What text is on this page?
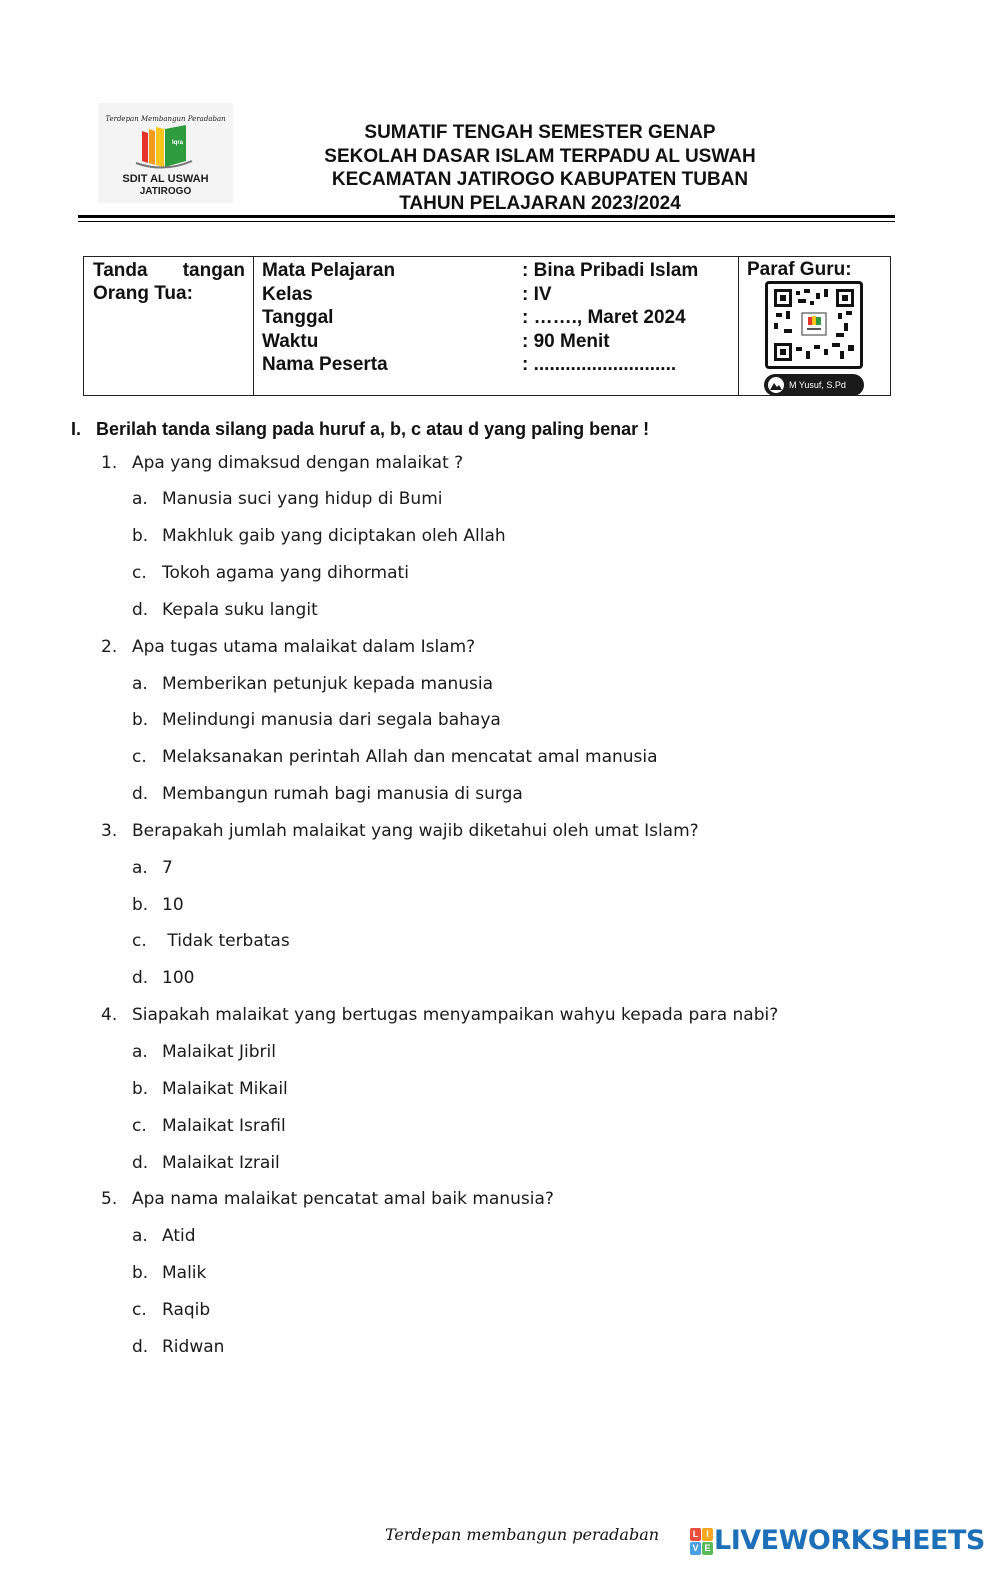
Terdepan Membangun Peradaban
Iqra
SDIT AL USWAH
JATIROGO
SUMATIF TENGAH SEMESTER GENAP
SEKOLAH DASAR ISLAM TERPADU AL USWAH
KECAMATAN JATIROGO KABUPATEN TUBAN
TAHUN PELAJARAN 2023/2024
Tanda tangan
Orang Tua:
Mata Pelajaran
Kelas
Tanggal
Waktu
Nama Peserta
: Bina Pribadi Islam
: IV
: ……., Maret 2024
: 90 Menit
: ...........................
Paraf Guru:
M Yusuf, S.Pd
I. Berilah tanda silang pada huruf a, b, c atau d yang paling benar !
1. Apa yang dimaksud dengan malaikat ?
a. Manusia suci yang hidup di Bumi
b. Makhluk gaib yang diciptakan oleh Allah
c. Tokoh agama yang dihormati
d. Kepala suku langit
2. Apa tugas utama malaikat dalam Islam?
a. Memberikan petunjuk kepada manusia
b. Melindungi manusia dari segala bahaya
c. Melaksanakan perintah Allah dan mencatat amal manusia
d. Membangun rumah bagi manusia di surga
3. Berapakah jumlah malaikat yang wajib diketahui oleh umat Islam?
a. 7
b. 10
c. Tidak terbatas
d. 100
4. Siapakah malaikat yang bertugas menyampaikan wahyu kepada para nabi?
a. Malaikat Jibril
b. Malaikat Mikail
c. Malaikat Israfil
d. Malaikat Izrail
5. Apa nama malaikat pencatat amal baik manusia?
a. Atid
b. Malik
c. Raqib
d. Ridwan
Terdepan membangun peradaban	L I
V E LIVEWORKSHEETS
